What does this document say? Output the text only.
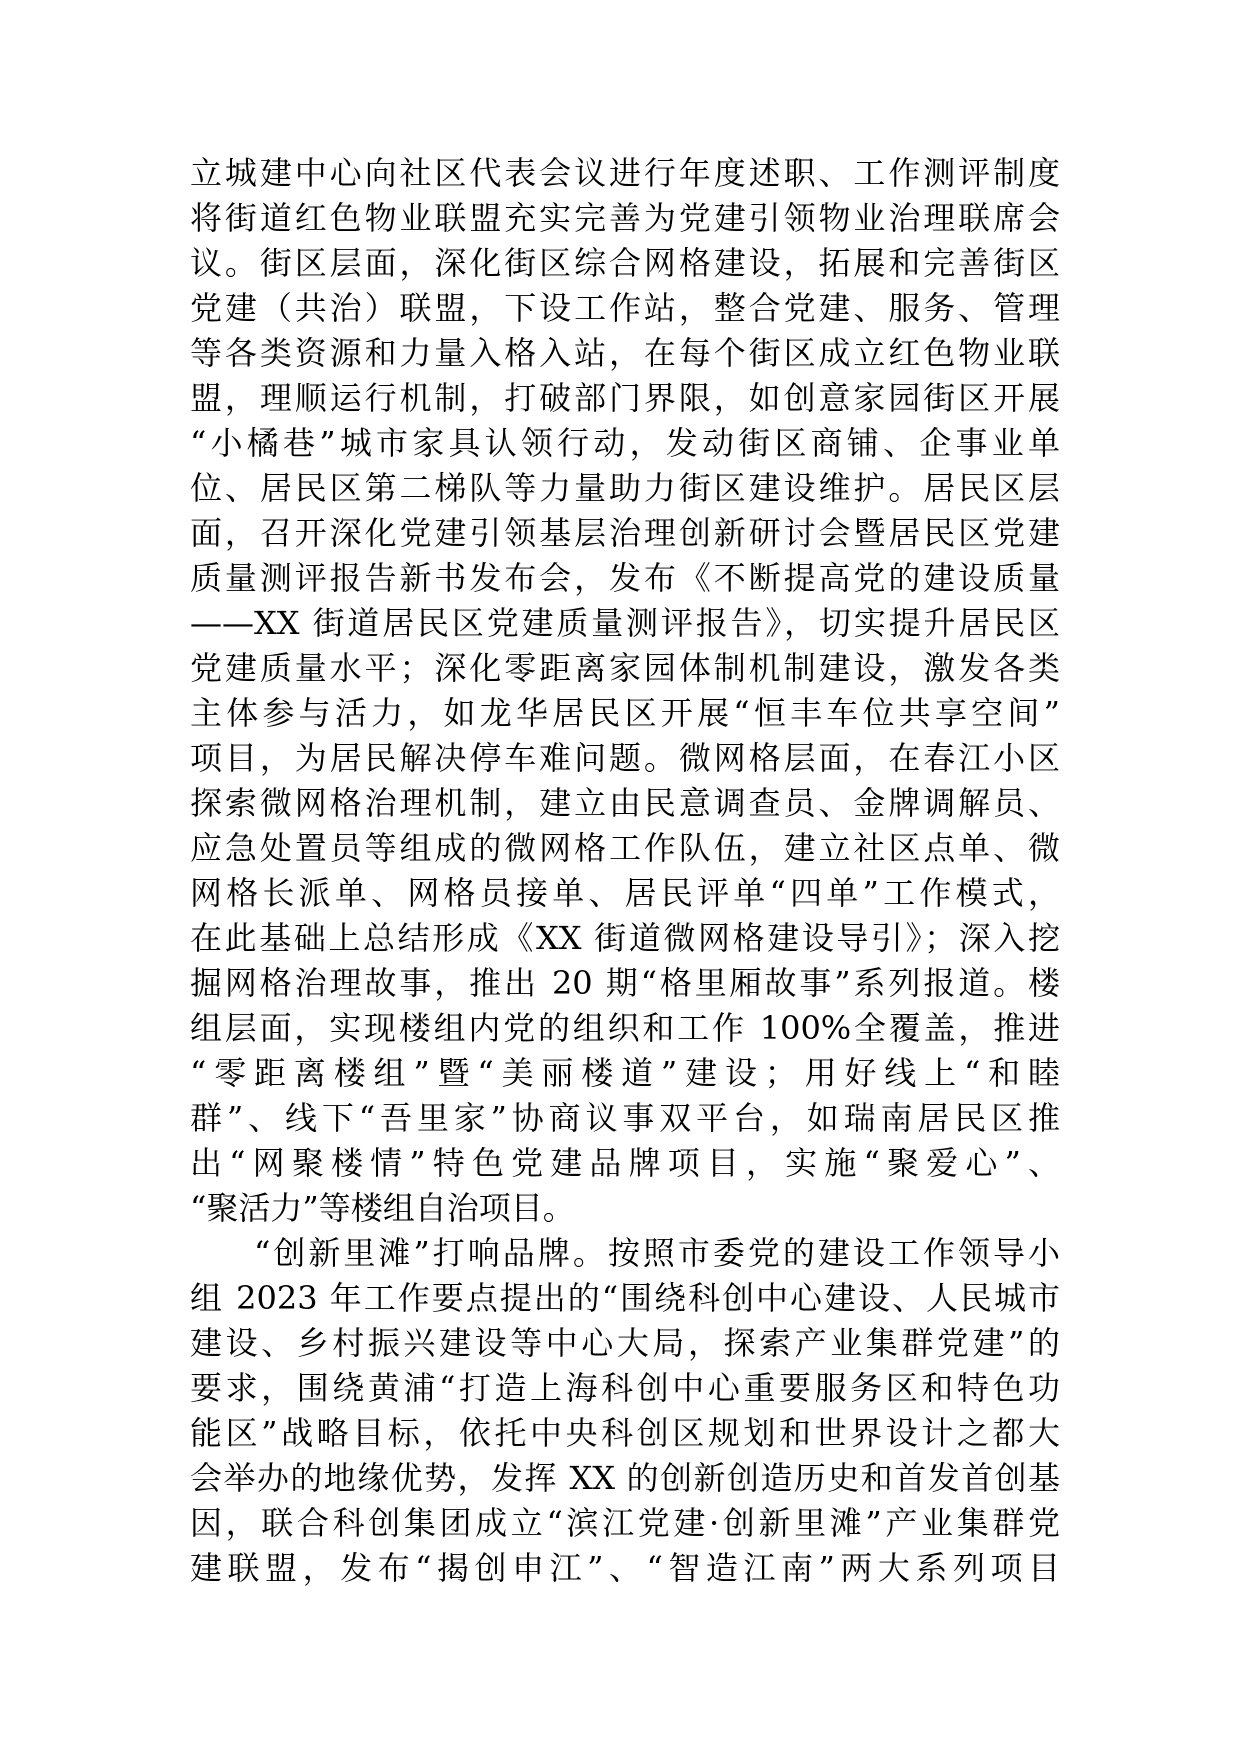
立城建中心向社区代表会议进行年度述职、工作测评制度
将街道红色物业联盟充实完善为党建引领物业治理联席会
议。街区层面，深化街区综合网格建设，拓展和完善街区
党建（共治）联盟，下设工作站，整合党建、服务、管理
等各类资源和力量入格入站，在每个街区成立红色物业联
盟，理顺运行机制，打破部门界限，如创意家园街区开展
“小橘巷”城市家具认领行动，发动街区商铺、企事业单
位、居民区第二梯队等力量助力街区建设维护。居民区层
面，召开深化党建引领基层治理创新研讨会暨居民区党建
质量测评报告新书发布会，发布《不断提高党的建设质量
——XX 街道居民区党建质量测评报告》，切实提升居民区
党建质量水平；深化零距离家园体制机制建设，激发各类
主体参与活力，如龙华居民区开展“恒丰车位共享空间”
项目，为居民解决停车难问题。微网格层面，在春江小区
探索微网格治理机制，建立由民意调查员、金牌调解员、
应急处置员等组成的微网格工作队伍，建立社区点单、微
网格长派单、网格员接单、居民评单“四单”工作模式，
在此基础上总结形成《XX 街道微网格建设导引》；深入挖
掘网格治理故事，推出 20 期“格里厢故事”系列报道。楼
组层面，实现楼组内党的组织和工作 100%全覆盖，推进
“零距离楼组”暨“美丽楼道”建设；用好线上“和睦
群”、线下“吾里家”协商议事双平台，如瑞南居民区推
出“网聚楼情”特色党建品牌项目，实施“聚爱心”、
“聚活力”等楼组自治项目。
“创新里滩”打响品牌。按照市委党的建设工作领导小
组 2023 年工作要点提出的“围绕科创中心建设、人民城市
建设、乡村振兴建设等中心大局，探索产业集群党建”的
要求，围绕黄浦“打造上海科创中心重要服务区和特色功
能区”战略目标，依托中央科创区规划和世界设计之都大
会举办的地缘优势，发挥 XX 的创新创造历史和首发首创基
因，联合科创集团成立“滨江党建·创新里滩”产业集群党
建联盟，发布“揭创申江”、“智造江南”两大系列项目
